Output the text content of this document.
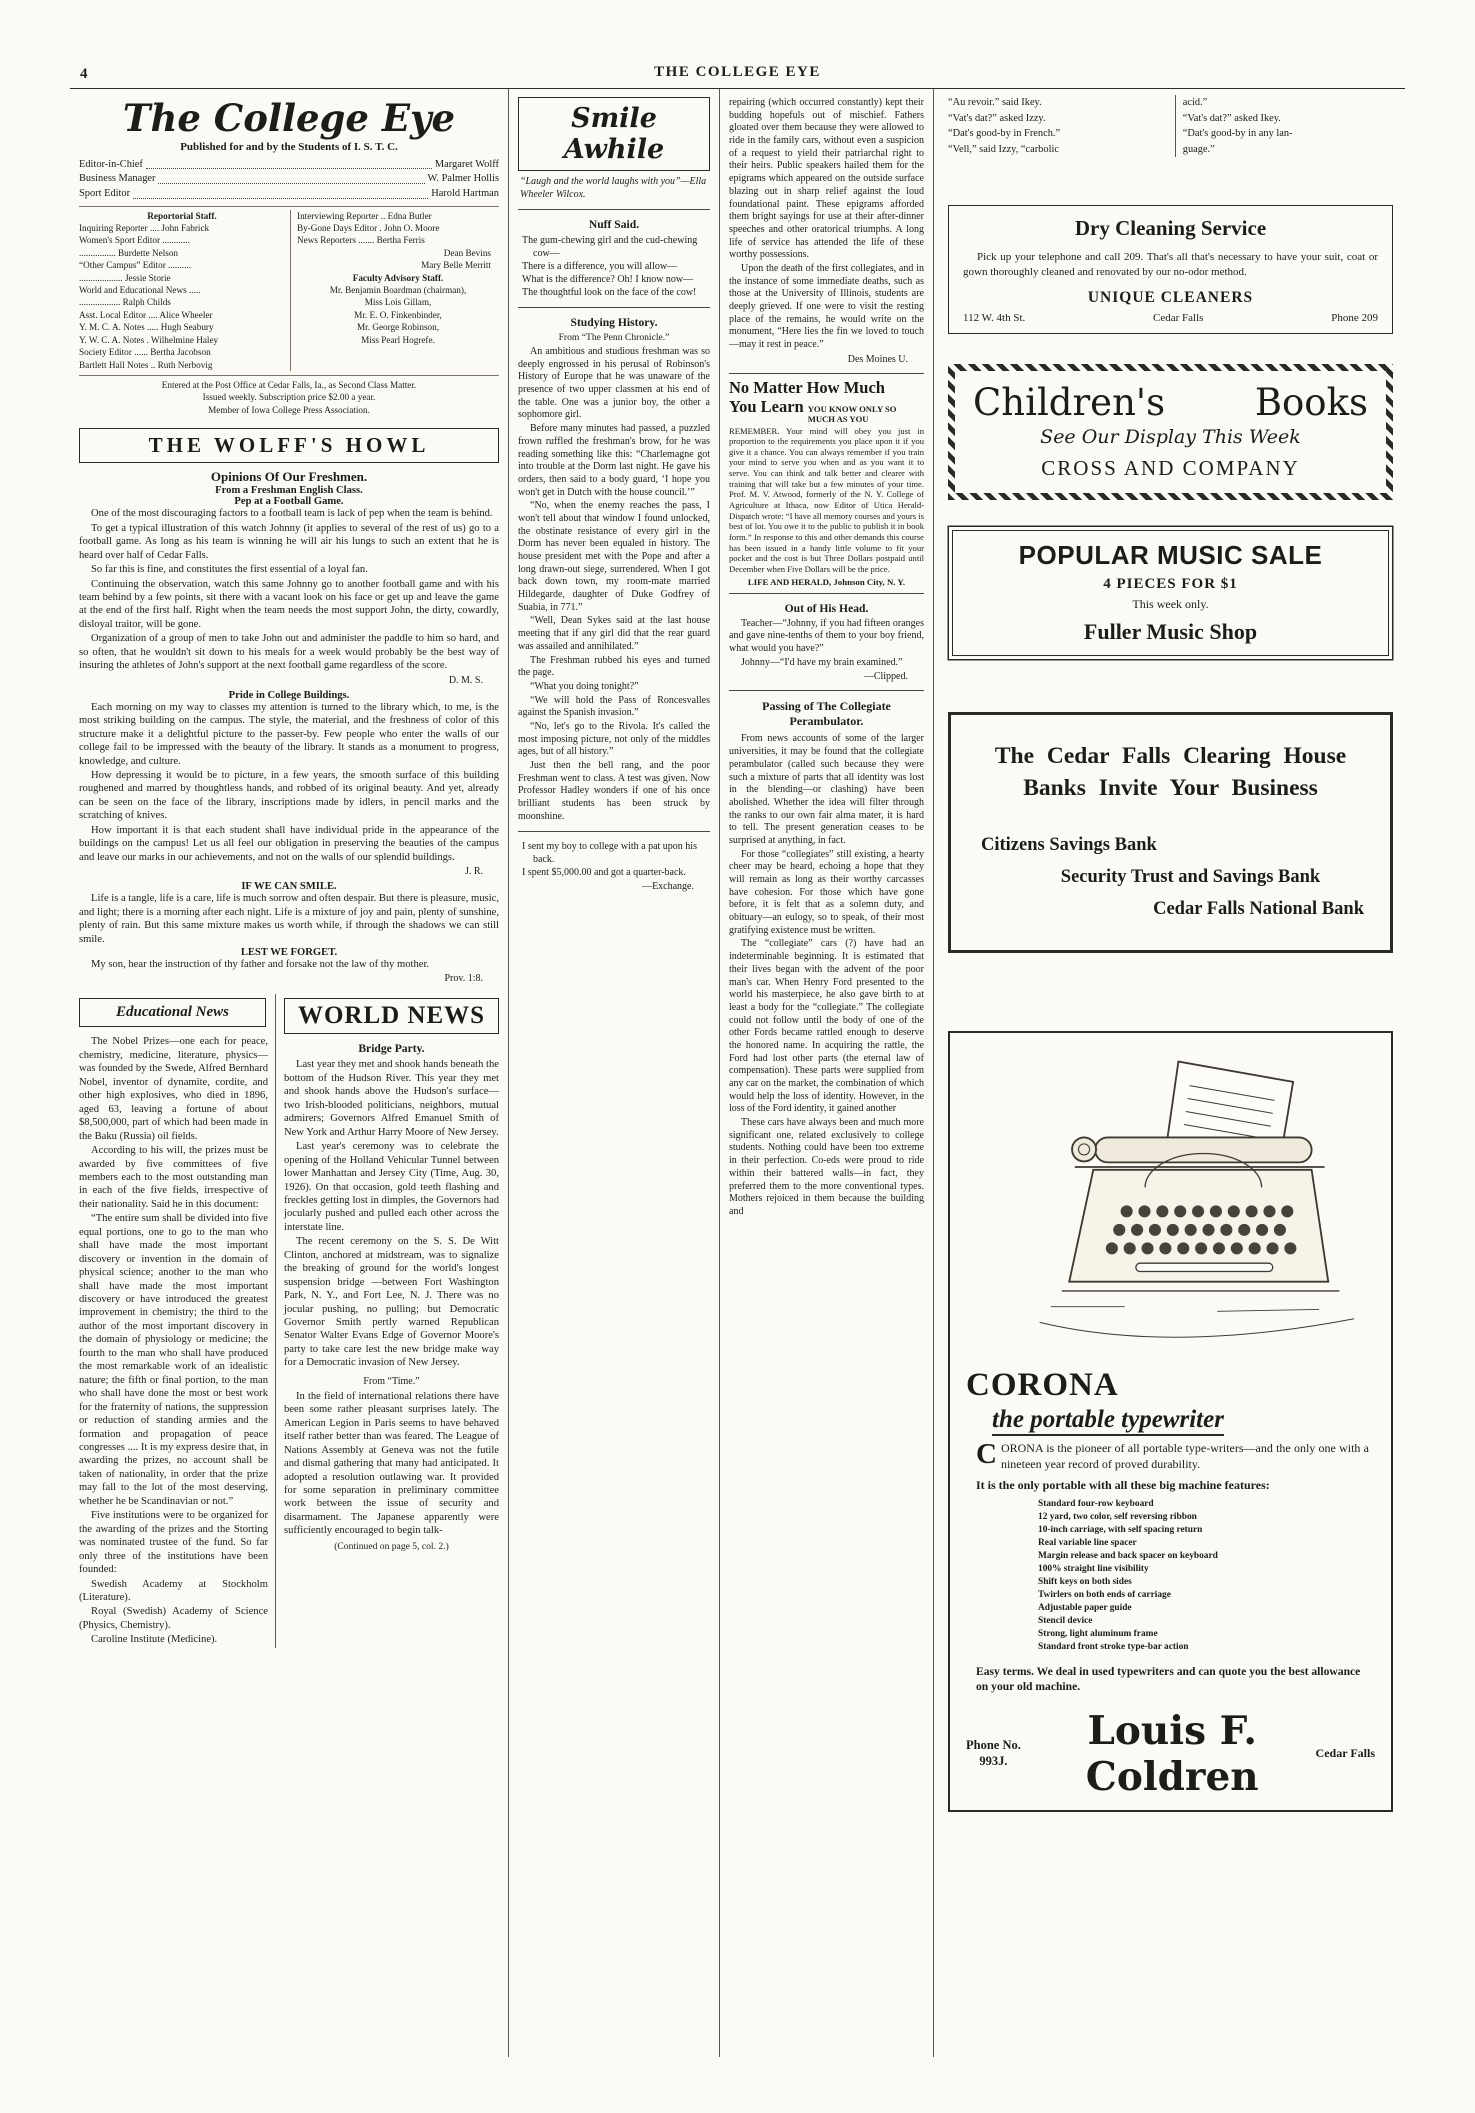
4	THE COLLEGE EYE
The College Eye
Published for and by the Students of I. S. T. C.
Editor-in-Chief	Margaret Wolff
Business Manager	W. Palmer Hollis
Sport Editor	Harold Hartman
Reportorial Staff.
Inquiring Reporter .... John Fabrick
Women's Sport Editor ............
................ Burdette Nelson
“Other Campus” Editor ..........
................... Jessie Storie
World and Educational News .....
.................. Ralph Childs
Asst. Local Editor .... Alice Wheeler
Y. M. C. A. Notes ..... Hugh Seabury
Y. W. C. A. Notes . Wilhelmine Haley
Society Editor ...... Bertha Jacobson
Bartlett Hall Notes .. Ruth Nerbovig
Interviewing Reporter .. Edna Butler
By-Gone Days Editor . John O. Moore
News Reporters ....... Bertha Ferris
Dean Bevins
Mary Belle Merritt
Faculty Advisory Staff.
Mr. Benjamin Boardman (chairman),
Miss Lois Gillam,
Mr. E. O. Finkenbinder,
Mr. George Robinson,
Miss Pearl Hogrefe.
Entered at the Post Office at Cedar Falls, Ia., as Second Class Matter.
Issued weekly. Subscription price $2.00 a year.
Member of Iowa College Press Association.
THE WOLFF'S HOWL
Opinions Of Our Freshmen.
From a Freshman English Class.
Pep at a Football Game.

One of the most discouraging factors to a football team is lack of pep when the team is behind.

To get a typical illustration of this watch Johnny (it applies to several of the rest of us) go to a football game. As long as his team is winning he will air his lungs to such an extent that he is heard over half of Cedar Falls.

So far this is fine, and constitutes the first essential of a loyal fan.

Continuing the observation, watch this same Johnny go to another football game and with his team behind by a few points, sit there with a vacant look on his face or get up and leave the game at the end of the first half. Right when the team needs the most support John, the dirty, cowardly, disloyal traitor, will be gone.

Organization of a group of men to take John out and administer the paddle to him so hard, and so often, that he wouldn't sit down to his meals for a week would probably be the best way of insuring the athletes of John's support at the next football game regardless of the score.

D. M. S.
Pride in College Buildings.

Each morning on my way to classes my attention is turned to the library which, to me, is the most striking building on the campus. The style, the material, and the freshness of color of this structure make it a delightful picture to the passer-by. Few people who enter the walls of our college fail to be impressed with the beauty of the library. It stands as a monument to progress, knowledge, and culture.

How depressing it would be to picture, in a few years, the smooth surface of this building roughened and marred by thoughtless hands, and robbed of its original beauty. And yet, already can be seen on the face of the library, inscriptions made by idlers, in pencil marks and the scratching of knives.

How important it is that each student shall have individual pride in the appearance of the buildings on the campus! Let us all feel our obligation in preserving the beauties of the campus and leave our marks in our achievements, and not on the walls of our splendid buildings.

J. R.
IF WE CAN SMILE.

Life is a tangle, life is a care, life is much sorrow and often despair. But there is pleasure, music, and light; there is a morning after each night. Life is a mixture of joy and pain, plenty of sunshine, plenty of rain. But this same mixture makes us worth while, if through the shadows we can still smile.

LEST WE FORGET.

My son, hear the instruction of thy father and forsake not the law of thy mother.

Prov. 1:8.
Educational News

The Nobel Prizes—one each for peace, chemistry, medicine, literature, physics—was founded by the Swede, Alfred Bernhard Nobel, inventor of dynamite, cordite, and other high explosives, who died in 1896, aged 63, leaving a fortune of about $8,500,000, part of which had been made in the Baku (Russia) oil fields.

According to his will, the prizes must be awarded by five committees of five members each to the most outstanding man in each of the five fields, irrespective of their nationality. Said he in this document:

“The entire sum shall be divided into five equal portions, one to go to the man who shall have made the most important discovery or invention in the domain of physical science; another to the man who shall have made the most important discovery or have introduced the greatest improvement in chemistry; the third to the author of the most important discovery in the domain of physiology or medicine; the fourth to the man who shall have produced the most remarkable work of an idealistic nature; the fifth or final portion, to the man who shall have done the most or best work for the fraternity of nations, the suppression or reduction of standing armies and the formation and propagation of peace congresses .... It is my express desire that, in awarding the prizes, no account shall be taken of nationality, in order that the prize may fall to the lot of the most deserving, whether he be Scandinavian or not.”

Five institutions were to be organized for the awarding of the prizes and the Storting was nominated trustee of the fund. So far only three of the institutions have been founded:

Swedish Academy at Stockholm (Literature).

Royal (Swedish) Academy of Science (Physics, Chemistry).

Caroline Institute (Medicine).

WORLD NEWS
Bridge Party.

Last year they met and shook hands beneath the bottom of the Hudson River. This year they met and shook hands above the Hudson's surface—two Irish-blooded politicians, neighbors, mutual admirers; Governors Alfred Emanuel Smith of New York and Arthur Harry Moore of New Jersey.

Last year's ceremony was to celebrate the opening of the Holland Vehicular Tunnel between lower Manhattan and Jersey City (Time, Aug. 30, 1926). On that occasion, gold teeth flashing and freckles getting lost in dimples, the Governors had jocularly pushed and pulled each other across the interstate line.

The recent ceremony on the S. S. De Witt Clinton, anchored at midstream, was to signalize the breaking of ground for the world's longest suspension bridge —between Fort Washington Park, N. Y., and Fort Lee, N. J. There was no jocular pushing, no pulling; but Democratic Governor Smith pertly warned Republican Senator Walter Evans Edge of Governor Moore's party to take care lest the new bridge make way for a Democratic invasion of New Jersey.

From “Time.”

In the field of international relations there have been some rather pleasant surprises lately. The American Legion in Paris seems to have behaved itself rather better than was feared. The League of Nations Assembly at Geneva was not the futile and dismal gathering that many had anticipated. It adopted a resolution outlawing war. It provided for some separation in preliminary committee work between the issue of security and disarmament. The Japanese apparently were sufficiently encouraged to begin talk-

(Continued on page 5, col. 2.)
Smile Awhile

“Laugh and the world laughs with you”—Ella Wheeler Wilcox.

Nuff Said.

The gum-chewing girl and the cud-chewing cow—

There is a difference, you will allow—

What is the difference? Oh! I know now—

The thoughtful look on the face of the cow!

Studying History.
From “The Penn Chronicle.”

An ambitious and studious freshman was so deeply engrossed in his perusal of Robinson's History of Europe that he was unaware of the presence of two upper classmen at his end of the table. One was a junior boy, the other a sophomore girl.

Before many minutes had passed, a puzzled frown ruffled the freshman's brow, for he was reading something like this: “Charlemagne got into trouble at the Dorm last night. He gave his orders, then said to a body guard, ‘I hope you won't get in Dutch with the house council.’”

“No, when the enemy reaches the pass, I won't tell about that window I found unlocked, the obstinate resistance of every girl in the Dorm has never been equaled in history. The house president met with the Pope and after a long drawn-out siege, surrendered. When I got back down town, my room-mate married Hildegarde, daughter of Duke Godfrey of Suabia, in 771.”

“Well, Dean Sykes said at the last house meeting that if any girl did that the rear guard was assailed and annihilated.”

The Freshman rubbed his eyes and turned the page.

“What you doing tonight?”

“We will hold the Pass of Roncesvalles against the Spanish invasion.”

“No, let's go to the Rivola. It's called the most imposing picture, not only of the middles ages, but of all history.”

Just then the bell rang, and the poor Freshman went to class. A test was given. Now Professor Hadley wonders if one of his once brilliant students has been struck by moonshine.

I sent my boy to college with a pat upon his back.

I spent $5,000.00 and got a quarter-back.

—Exchange.

repairing (which occurred constantly) kept their budding hopefuls out of mischief. Fathers gloated over them because they were allowed to ride in the family cars, without even a suspicion of a request to yield their patriarchal right to their heirs. Public speakers hailed them for the epigrams which appeared on the outside surface blazing out in sharp relief against the loud foundational paint. These epigrams afforded them bright sayings for use at their after-dinner speeches and other oratorical triumphs. A long life of service has attended the life of these worthy possessions.

Upon the death of the first collegiates, and in the instance of some immediate deaths, such as those at the University of Illinois, students are deeply grieved. If one were to visit the resting place of the remains, he would write on the monument, “Here lies the fin we loved to touch—may it rest in peace.”

Des Moines U.
No Matter How Much
You Learn YOU KNOW ONLY SO MUCH AS YOU

REMEMBER. Your mind will obey you just in proportion to the requirements you place upon it if you give it a chance. You can always remember if you train your mind to serve you when and as you want it to serve. You can think and talk better and clearer with training that will take but a few minutes of your time. Prof. M. V. Atwood, formerly of the N. Y. College of Agriculture at Ithaca, now Editor of Utica Herald-Dispatch wrote: “I have all memory courses and yours is best of lot. You owe it to the public to publish it in book form.” In response to this and other demands this course has been issued in a handy little volume to fit your pocket and the cost is but Three Dollars postpaid until December when Five Dollars will be the price.

LIFE AND HERALD, Johnson City, N. Y.
Out of His Head.

Teacher—“Johnny, if you had fifteen oranges and gave nine-tenths of them to your boy friend, what would you have?”

Johnny—“I'd have my brain examined.”

—Clipped.
Passing of The Collegiate Perambulator.

From news accounts of some of the larger universities, it may be found that the collegiate perambulator (called such because they were such a mixture of parts that all identity was lost in the blending—or clashing) have been abolished. Whether the idea will filter through the ranks to our own fair alma mater, it is hard to tell. The present generation ceases to be surprised at anything, in fact.

For those “collegiates” still existing, a hearty cheer may be heard, echoing a hope that they will remain as long as their worthy carcasses have cohesion. For those which have gone before, it is felt that as a solemn duty, and obituary—an eulogy, so to speak, of their most gratifying existence must be written.

The “collegiate” cars (?) have had an indeterminable beginning. It is estimated that their lives began with the advent of the poor man's car. When Henry Ford presented to the world his masterpiece, he also gave birth to at least a body for the “collegiate.” The collegiate could not follow until the body of one of the other Fords became rattled enough to deserve the honored name. In acquiring the rattle, the Ford had lost other parts (the eternal law of compensation). These parts were supplied from any car on the market, the combination of which would help the loss of identity. However, in the loss of the Ford identity, it gained another

These cars have always been and much more significant one, related exclusively to college students. Nothing could have been too extreme in their perfection. Co-eds were proud to ride within their battered walls—in fact, they preferred them to the more conventional types. Mothers rejoiced in them because the building and

“Au revoir.” said Ikey.
“Vat's dat?” asked Izzy.
“Dat's good-by in French.”
“Vell,” said Izzy, “carbolic
acid.”
“Vat's dat?” asked Ikey.
“Dat's good-by in any lan-
guage.”
Dry Cleaning Service

Pick up your telephone and call 209. That's all that's necessary to have your suit, coat or gown thoroughly cleaned and renovated by our no-odor method.

UNIQUE CLEANERS
112 W. 4th St.	Cedar Falls	Phone 209
Children's Books
See Our Display This Week
CROSS AND COMPANY
POPULAR MUSIC SALE
4 PIECES FOR $1
This week only.
Fuller Music Shop
The Cedar Falls Clearing House
Banks Invite Your Business
Citizens Savings Bank
Security Trust and Savings Bank
Cedar Falls National Bank
CORONA
the portable typewriter

CORONA is the pioneer of all portable type-writers—and the only one with a nineteen year record of proved durability.

It is the only portable with all these big machine features:
Standard four-row keyboard
12 yard, two color, self reversing ribbon
10-inch carriage, with self spacing return
Real variable line spacer
Margin release and back spacer on keyboard
100% straight line visibility
Shift keys on both sides
Twirlers on both ends of carriage
Adjustable paper guide
Stencil device
Strong, light aluminum frame
Standard front stroke type-bar action

Easy terms. We deal in used typewriters and can quote you the best allowance on your old machine.

Phone No.
993J.
Louis F. Coldren
Cedar Falls
